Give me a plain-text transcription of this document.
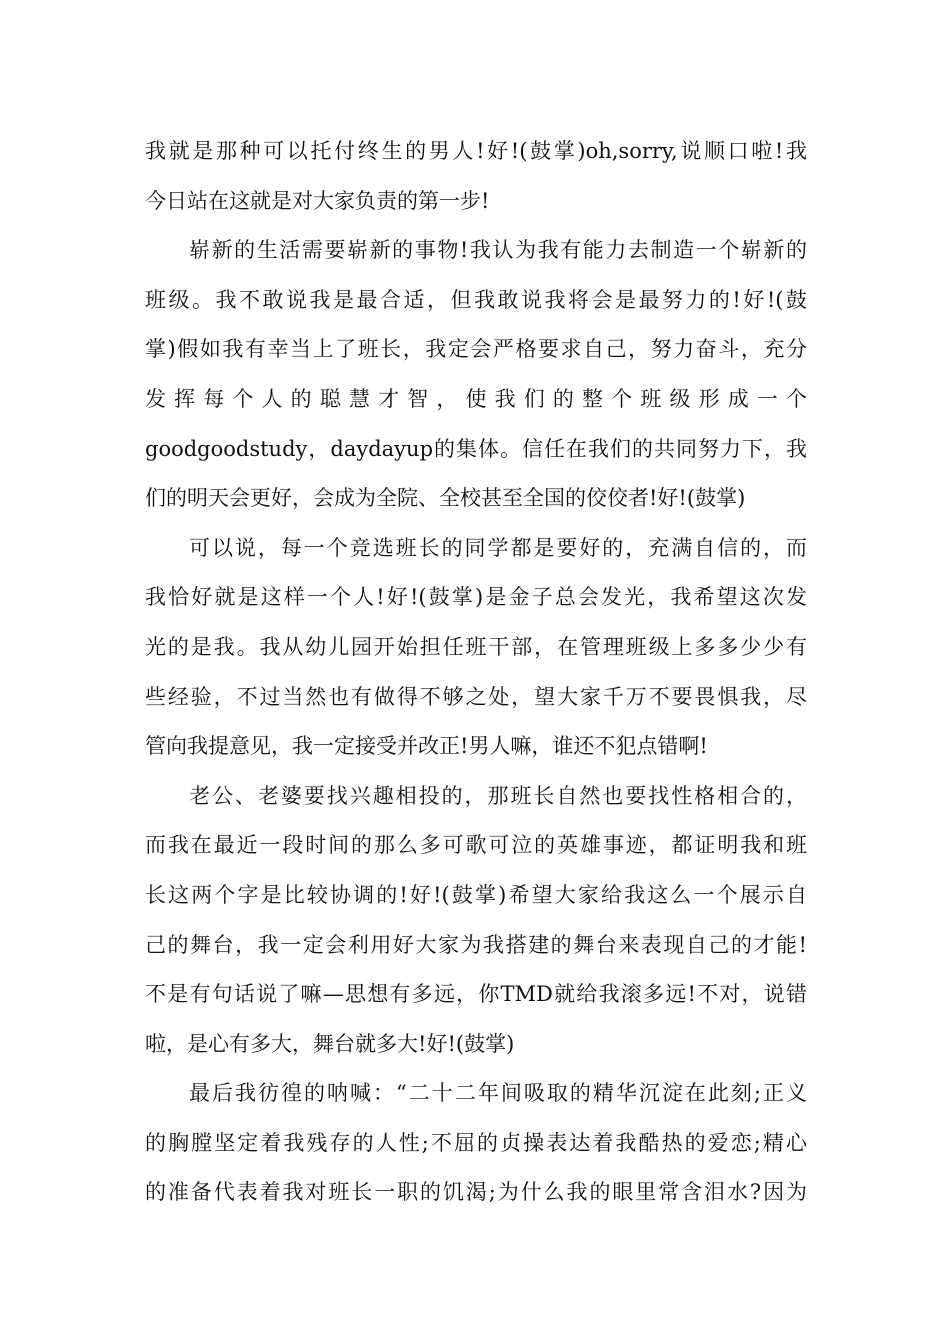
我就是那种可以托付终生的男人!好!(鼓掌)oh,sorry,说顺口啦!我
今日站在这就是对大家负责的第一步!
崭新的生活需要崭新的事物!我认为我有能力去制造一个崭新的
班级。我不敢说我是最合适，但我敢说我将会是最努力的!好!(鼓
掌)假如我有幸当上了班长，我定会严格要求自己，努力奋斗，充分
发挥每个人的聪慧才智，使我们的整个班级形成一个
goodgoodstudy，daydayup的集体。信任在我们的共同努力下，我
们的明天会更好，会成为全院、全校甚至全国的佼佼者!好!(鼓掌)
可以说，每一个竞选班长的同学都是要好的，充满自信的，而
我恰好就是这样一个人!好!(鼓掌)是金子总会发光，我希望这次发
光的是我。我从幼儿园开始担任班干部，在管理班级上多多少少有
些经验，不过当然也有做得不够之处，望大家千万不要畏惧我，尽
管向我提意见，我一定接受并改正!男人嘛，谁还不犯点错啊!
老公、老婆要找兴趣相投的，那班长自然也要找性格相合的，
而我在最近一段时间的那么多可歌可泣的英雄事迹，都证明我和班
长这两个字是比较协调的!好!(鼓掌)希望大家给我这么一个展示自
己的舞台，我一定会利用好大家为我搭建的舞台来表现自己的才能!
不是有句话说了嘛—思想有多远，你TMD就给我滚多远!不对，说错
啦，是心有多大，舞台就多大!好!(鼓掌)
最后我彷徨的呐喊：“二十二年间吸取的精华沉淀在此刻;正义
的胸膛坚定着我残存的人性;不屈的贞操表达着我酷热的爱恋;精心
的准备代表着我对班长一职的饥渴;为什么我的眼里常含泪水?因为
